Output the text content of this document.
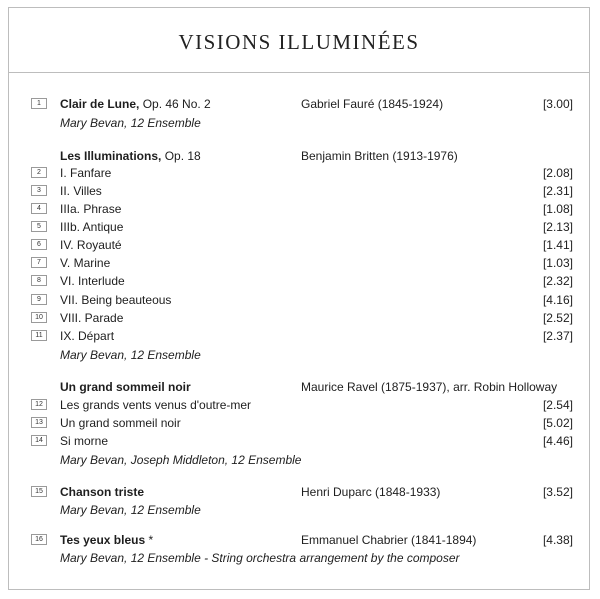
VISIONS ILLUMINÉES
1	Clair de Lune, Op. 46 No. 2	Gabriel Fauré (1845-1924)	[3.00]
Mary Bevan, 12 Ensemble
Les Illuminations, Op. 18	Benjamin Britten (1913-1976)
2	I. Fanfare	[2.08]
3	II. Villes	[2.31]
4	IIIa. Phrase	[1.08]
5	IIIb. Antique	[2.13]
6	IV. Royauté	[1.41]
7	V. Marine	[1.03]
8	VI. Interlude	[2.32]
9	VII. Being beauteous	[4.16]
10	VIII. Parade	[2.52]
11	IX. Départ	[2.37]
Mary Bevan, 12 Ensemble
Un grand sommeil noir	Maurice Ravel (1875-1937), arr. Robin Holloway
12	Les grands vents venus d'outre-mer	[2.54]
13	Un grand sommeil noir	[5.02]
14	Si morne	[4.46]
Mary Bevan, Joseph Middleton, 12 Ensemble
15	Chanson triste	Henri Duparc (1848-1933)	[3.52]
Mary Bevan, 12 Ensemble
16	Tes yeux bleus *	Emmanuel Chabrier (1841-1894)	[4.38]
Mary Bevan, 12 Ensemble - String orchestra arrangement by the composer
